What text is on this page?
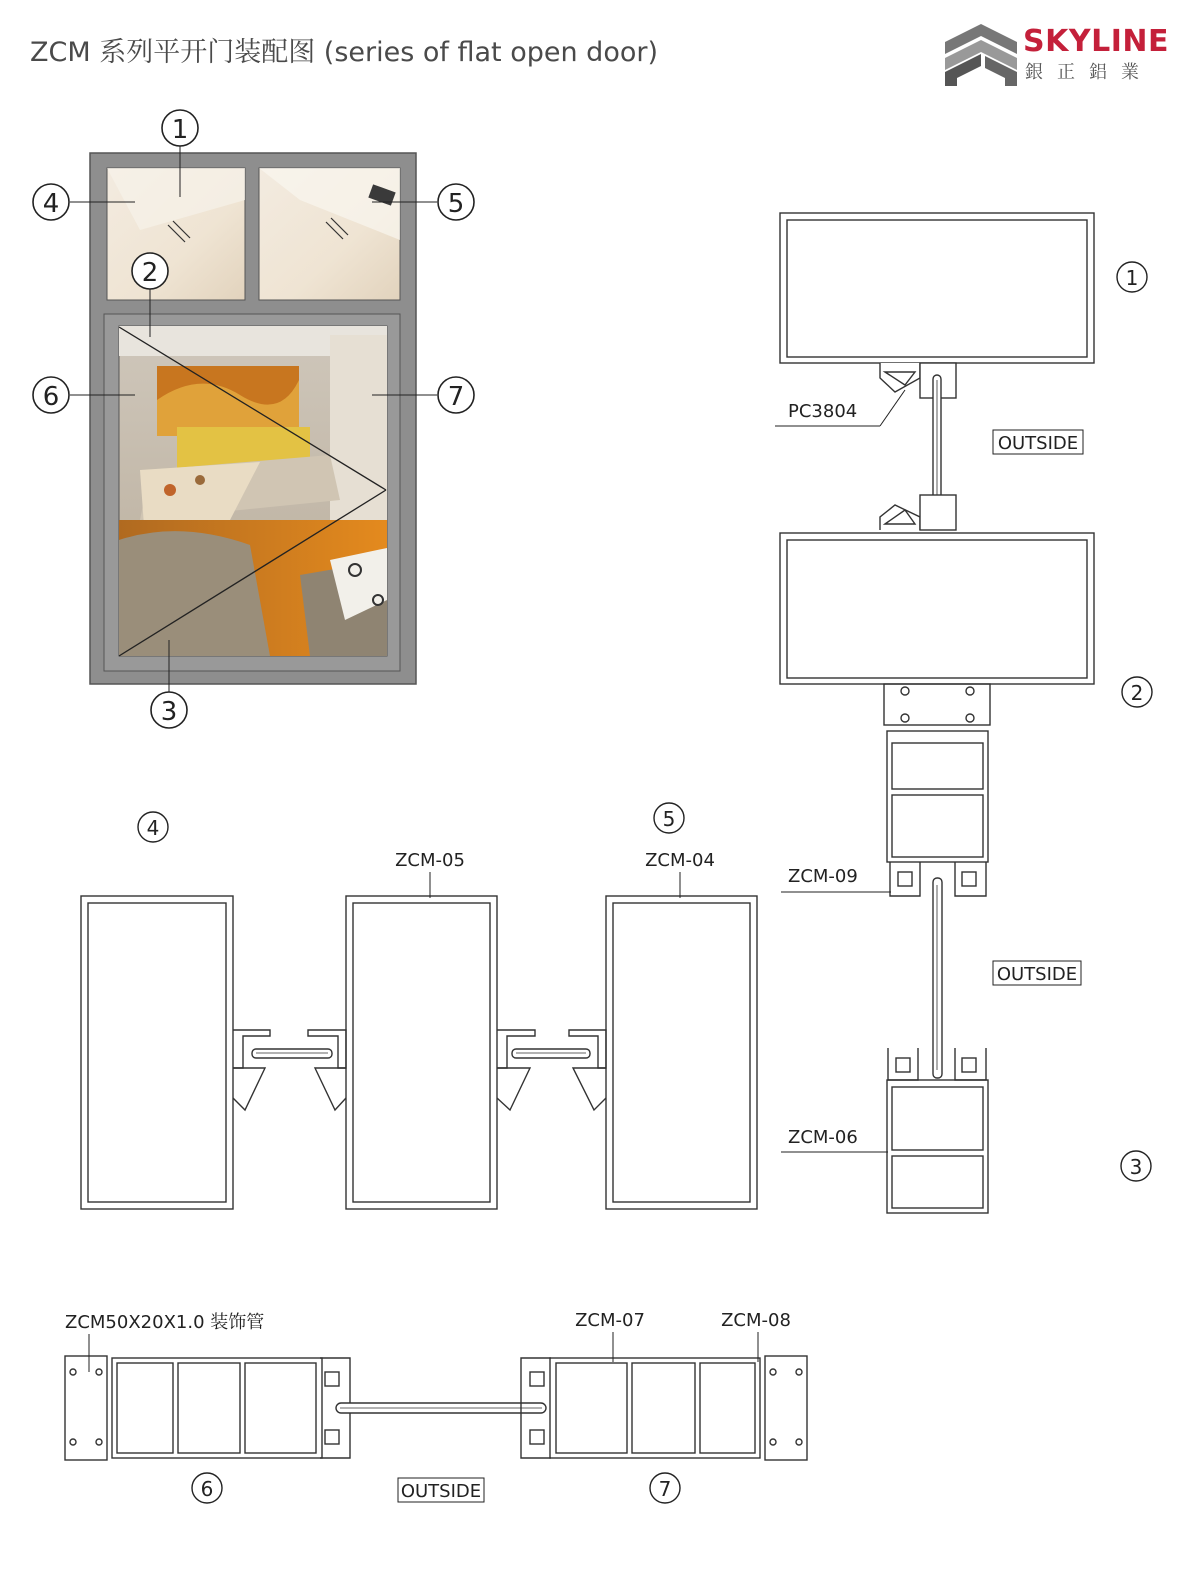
ZCM 系列平开门装配图 (series of flat open door)	SKYLINE
銀正鋁業
1
4	5
2
6	7
3
PC3804
ZCM-09
ZCM-06
OUTSIDE
OUTSIDE
1
2
3
4	5
ZCM-05	ZCM-04
ZCM50X20X1.0 装饰管	ZCM-07	ZCM-08
6	OUTSIDE	7
